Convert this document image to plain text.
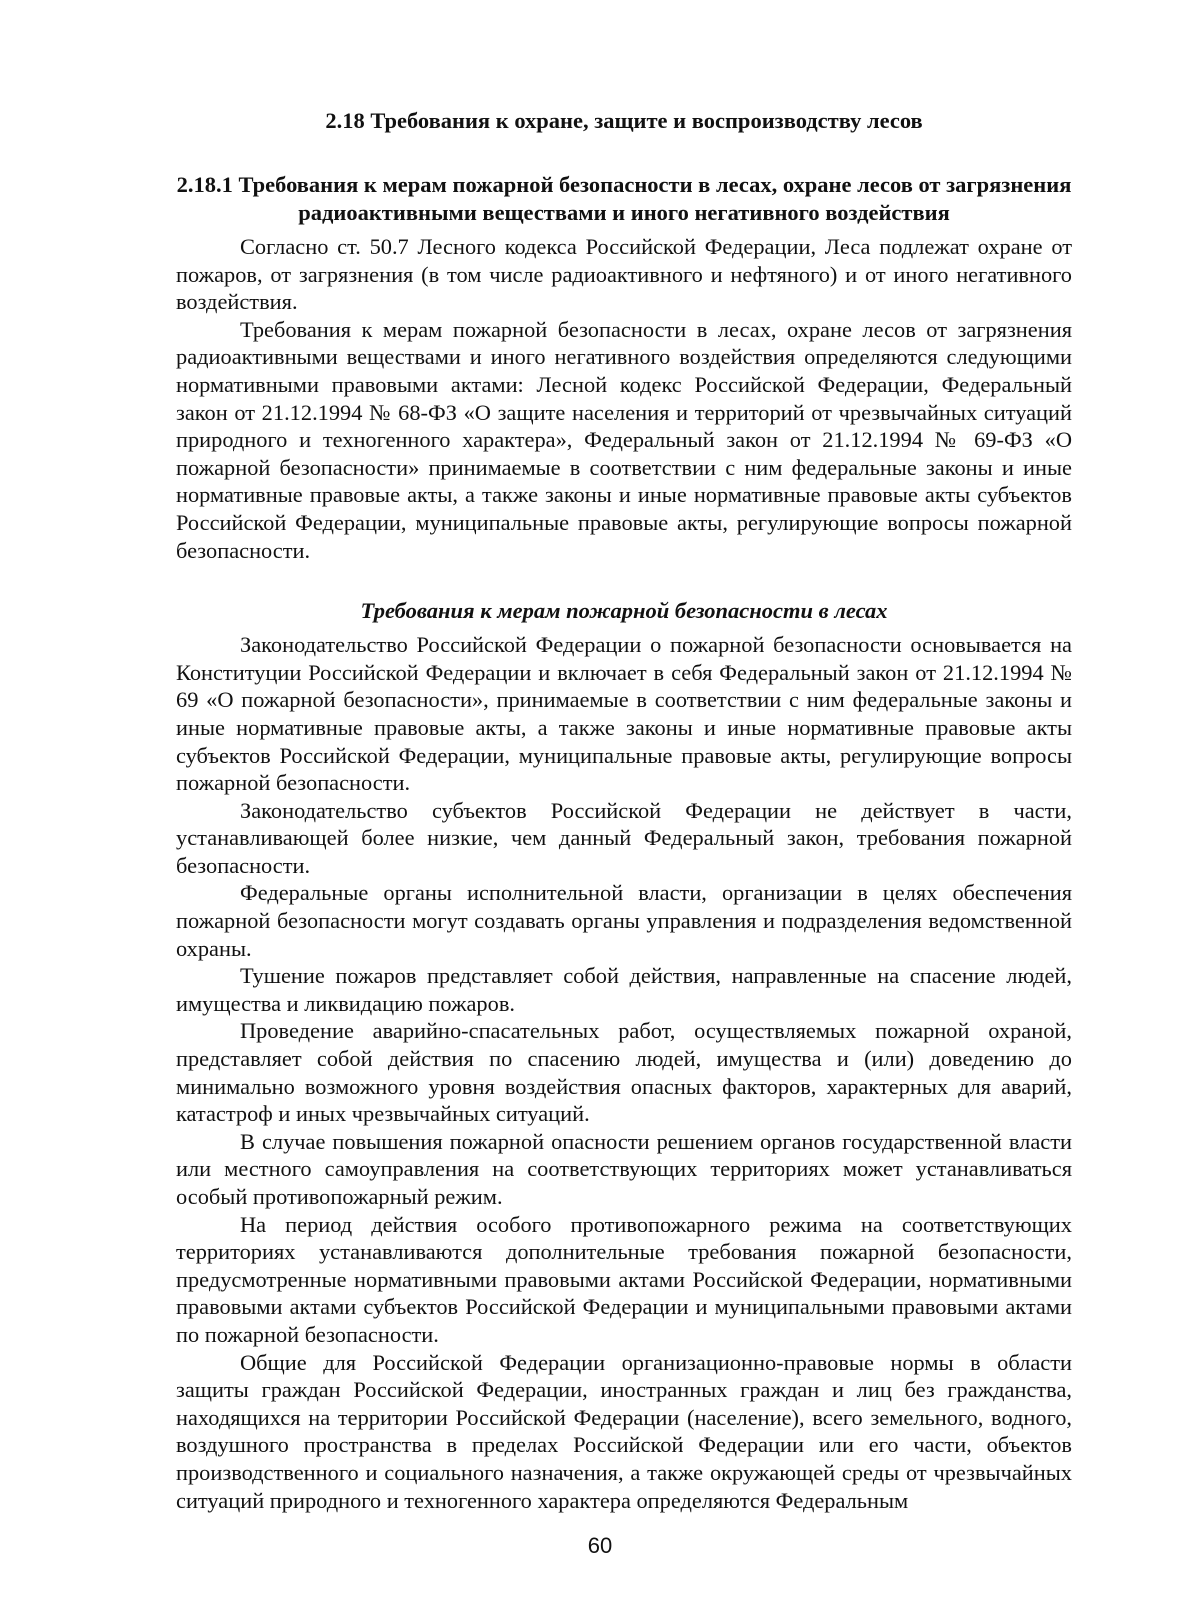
2.18 Требования к охране, защите и воспроизводству лесов
2.18.1 Требования к мерам пожарной безопасности в лесах, охране лесов от загрязнения радиоактивными веществами и иного негативного воздействия

Согласно ст. 50.7 Лесного кодекса Российской Федерации, Леса подлежат охране от пожаров, от загрязнения (в том числе радиоактивного и нефтяного) и от иного негативного воздействия.

Требования к мерам пожарной безопасности в лесах, охране лесов от загрязнения радиоактивными веществами и иного негативного воздействия определяются следующими нормативными правовыми актами: Лесной кодекс Российской Федерации, Федеральный закон от 21.12.1994 № 68-ФЗ «О защите населения и территорий от чрезвычайных ситуаций природного и техногенного характера», Федеральный закон от 21.12.1994 № 69-ФЗ «О пожарной безопасности» принимаемые в соответствии с ним федеральные законы и иные нормативные правовые акты, а также законы и иные нормативные правовые акты субъектов Российской Федерации, муниципальные правовые акты, регулирующие вопросы пожарной безопасности.

Требования к мерам пожарной безопасности в лесах

Законодательство Российской Федерации о пожарной безопасности основывается на Конституции Российской Федерации и включает в себя Федеральный закон от 21.12.1994 № 69 «О пожарной безопасности», принимаемые в соответствии с ним федеральные законы и иные нормативные правовые акты, а также законы и иные нормативные правовые акты субъектов Российской Федерации, муниципальные правовые акты, регулирующие вопросы пожарной безопасности.

Законодательство субъектов Российской Федерации не действует в части, устанавливающей более низкие, чем данный Федеральный закон, требования пожарной безопасности.

Федеральные органы исполнительной власти, организации в целях обеспечения пожарной безопасности могут создавать органы управления и подразделения ведомственной охраны.

Тушение пожаров представляет собой действия, направленные на спасение людей, имущества и ликвидацию пожаров.

Проведение аварийно-спасательных работ, осуществляемых пожарной охраной, представляет собой действия по спасению людей, имущества и (или) доведению до минимально возможного уровня воздействия опасных факторов, характерных для аварий, катастроф и иных чрезвычайных ситуаций.

В случае повышения пожарной опасности решением органов государственной власти или местного самоуправления на соответствующих территориях может устанавливаться особый противопожарный режим.

На период действия особого противопожарного режима на соответствующих территориях устанавливаются дополнительные требования пожарной безопасности, предусмотренные нормативными правовыми актами Российской Федерации, нормативными правовыми актами субъектов Российской Федерации и муниципальными правовыми актами по пожарной безопасности.

Общие для Российской Федерации организационно-правовые нормы в области защиты граждан Российской Федерации, иностранных граждан и лиц без гражданства, находящихся на территории Российской Федерации (население), всего земельного, водного, воздушного пространства в пределах Российской Федерации или его части, объектов производственного и социального назначения, а также окружающей среды от чрезвычайных ситуаций природного и техногенного характера определяются Федеральным

60
